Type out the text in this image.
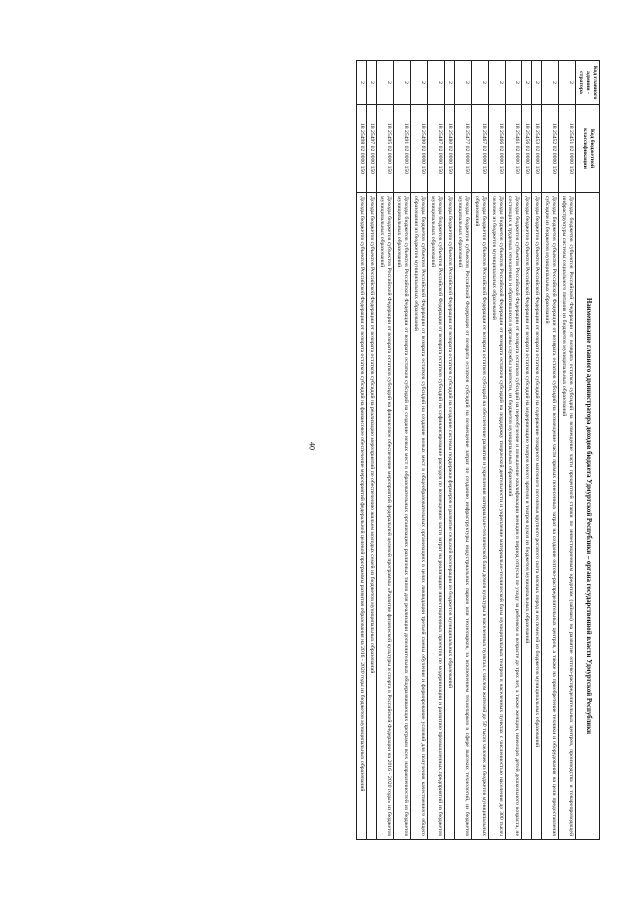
40
Код главного админи - стратора	Код бюджетной классификации	Наименование главного администратора доходов бюджета Удмуртской Республики – органа государственной власти Удмуртской Республики
2	18 25451 02 0000 150	Доходы бюджетов субъектов Российской Федерации от возврата остатков субсидий на возмещение части процентной ставки по инвестиционным кредитам (займам) на развитие оптово-распределительных центров, производства и товаропроводящей инфраструктуры системы социального питания из бюджетов муниципальных образований
2	18 25452 02 0000 150	Доходы бюджетов субъектов Российской Федерации от возврата остатков субсидий на возмещение части прямых понесенных затрат на создание оптово-распределительных центров, а также на приобретение техники и оборудования на цели предоставления субсидии из бюджетов муниципальных образований
2	18 25453 02 0000 150	Доходы бюджетов субъектов Российской Федерации от возврата остатков субсидий на содержание товарного маточного поголовья крупного рогатого скота мясных пород и их помесей из бюджетов муниципальных образований
2	18 25456 02 0000 150	Доходы бюджетов субъектов Российской Федерации от возврата остатков субсидий на модернизацию театров юного зрителя и театров кукол из бюджетов муниципальных образований
2	18 25461 02 0000 150	Доходы бюджетов субъектов Российской Федерации от возврата остатков субсидий на переобучение и повышение квалификации женщин в период отпуска по уходу за ребенком в возрасте до трех лет, а также женщин, имеющих детей дошкольного возраста, не состоящих в трудовых отношениях и обратившихся в органы службы занятости, из бюджетов муниципальных образований
2	18 25466 02 0000 150	Доходы бюджетов субъектов Российской Федерации от возврата остатков субсидий на поддержку творческой деятельности и укрепление материально-технической базы муниципальных театров в населенных пунктах с численностью населения до 300 тысяч человек из бюджетов муниципальных образований
2	18 25467 02 0000 150	Доходы бюджетов субъектов Российской Федерации от возврата остатков субсидий на обеспечение развития и укрепления материально-технической базы домов культуры в населенных пунктах с числом жителей до 50 тысяч человек из бюджетов муниципальных образований
2	18 25477 02 0000 150	Доходы бюджетов субъектов Российской Федерации от возврата остатков субсидий на возмещение затрат по созданию инфраструктуры индустриальных парков или технопарков, за исключением технопарков в сфере высоких технологий, из бюджетов муниципальных образований
2	18 25480 02 0000 150	Доходы бюджетов субъектов Российской Федерации от возврата остатков субсидий на создание системы поддержки фермеров и развитие сельской кооперации из бюджетов муниципальных образований
2	18 25487 02 0000 150	Доходы бюджетов субъектов Российской Федерации от возврата остатков субсидий на софинансирование расходов по возмещению части затрат на реализацию инвестиционных проектов по модернизации и развитию промышленных предприятий из бюджетов муниципальных образований
2	18 25490 02 0000 150	Доходы бюджетов субъектов Российской Федерации от возврата остатков субсидий на создание новых мест в общеобразовательных организациях в целях ликвидации третьей смены обучения и формирование условий для получения качественного общего образования из бюджетов муниципальных образований
2	18 25491 02 0000 150	Доходы бюджетов субъектов Российской Федерации от возврата остатков субсидий на создание новых мест в образовательных организациях различных типов для реализации дополнительных общеразвивающих программ всех направленностей из бюджетов муниципальных образований
2	18 25495 02 0000 150	Доходы бюджетов субъектов Российской Федерации от возврата остатков субсидий на финансовое обеспечение мероприятий федеральной целевой программы «Развитие физической культуры и спорта в Российской Федерации на 2016 - 2020 годы» из бюджетов муниципальных образований
2	18 25497 02 0000 150	Доходы бюджетов субъектов Российской Федерации от возврата остатков субсидий на реализацию мероприятий по обеспечению жильем молодых семей из бюджетов муниципальных образований
2	18 25498 02 0000 150	Доходы бюджетов субъектов Российской Федерации от возврата остатков субсидий на финансовое обеспечение мероприятий федеральной целевой программы развития образования на 2016 - 2020 годы из бюджетов муниципальных образований
